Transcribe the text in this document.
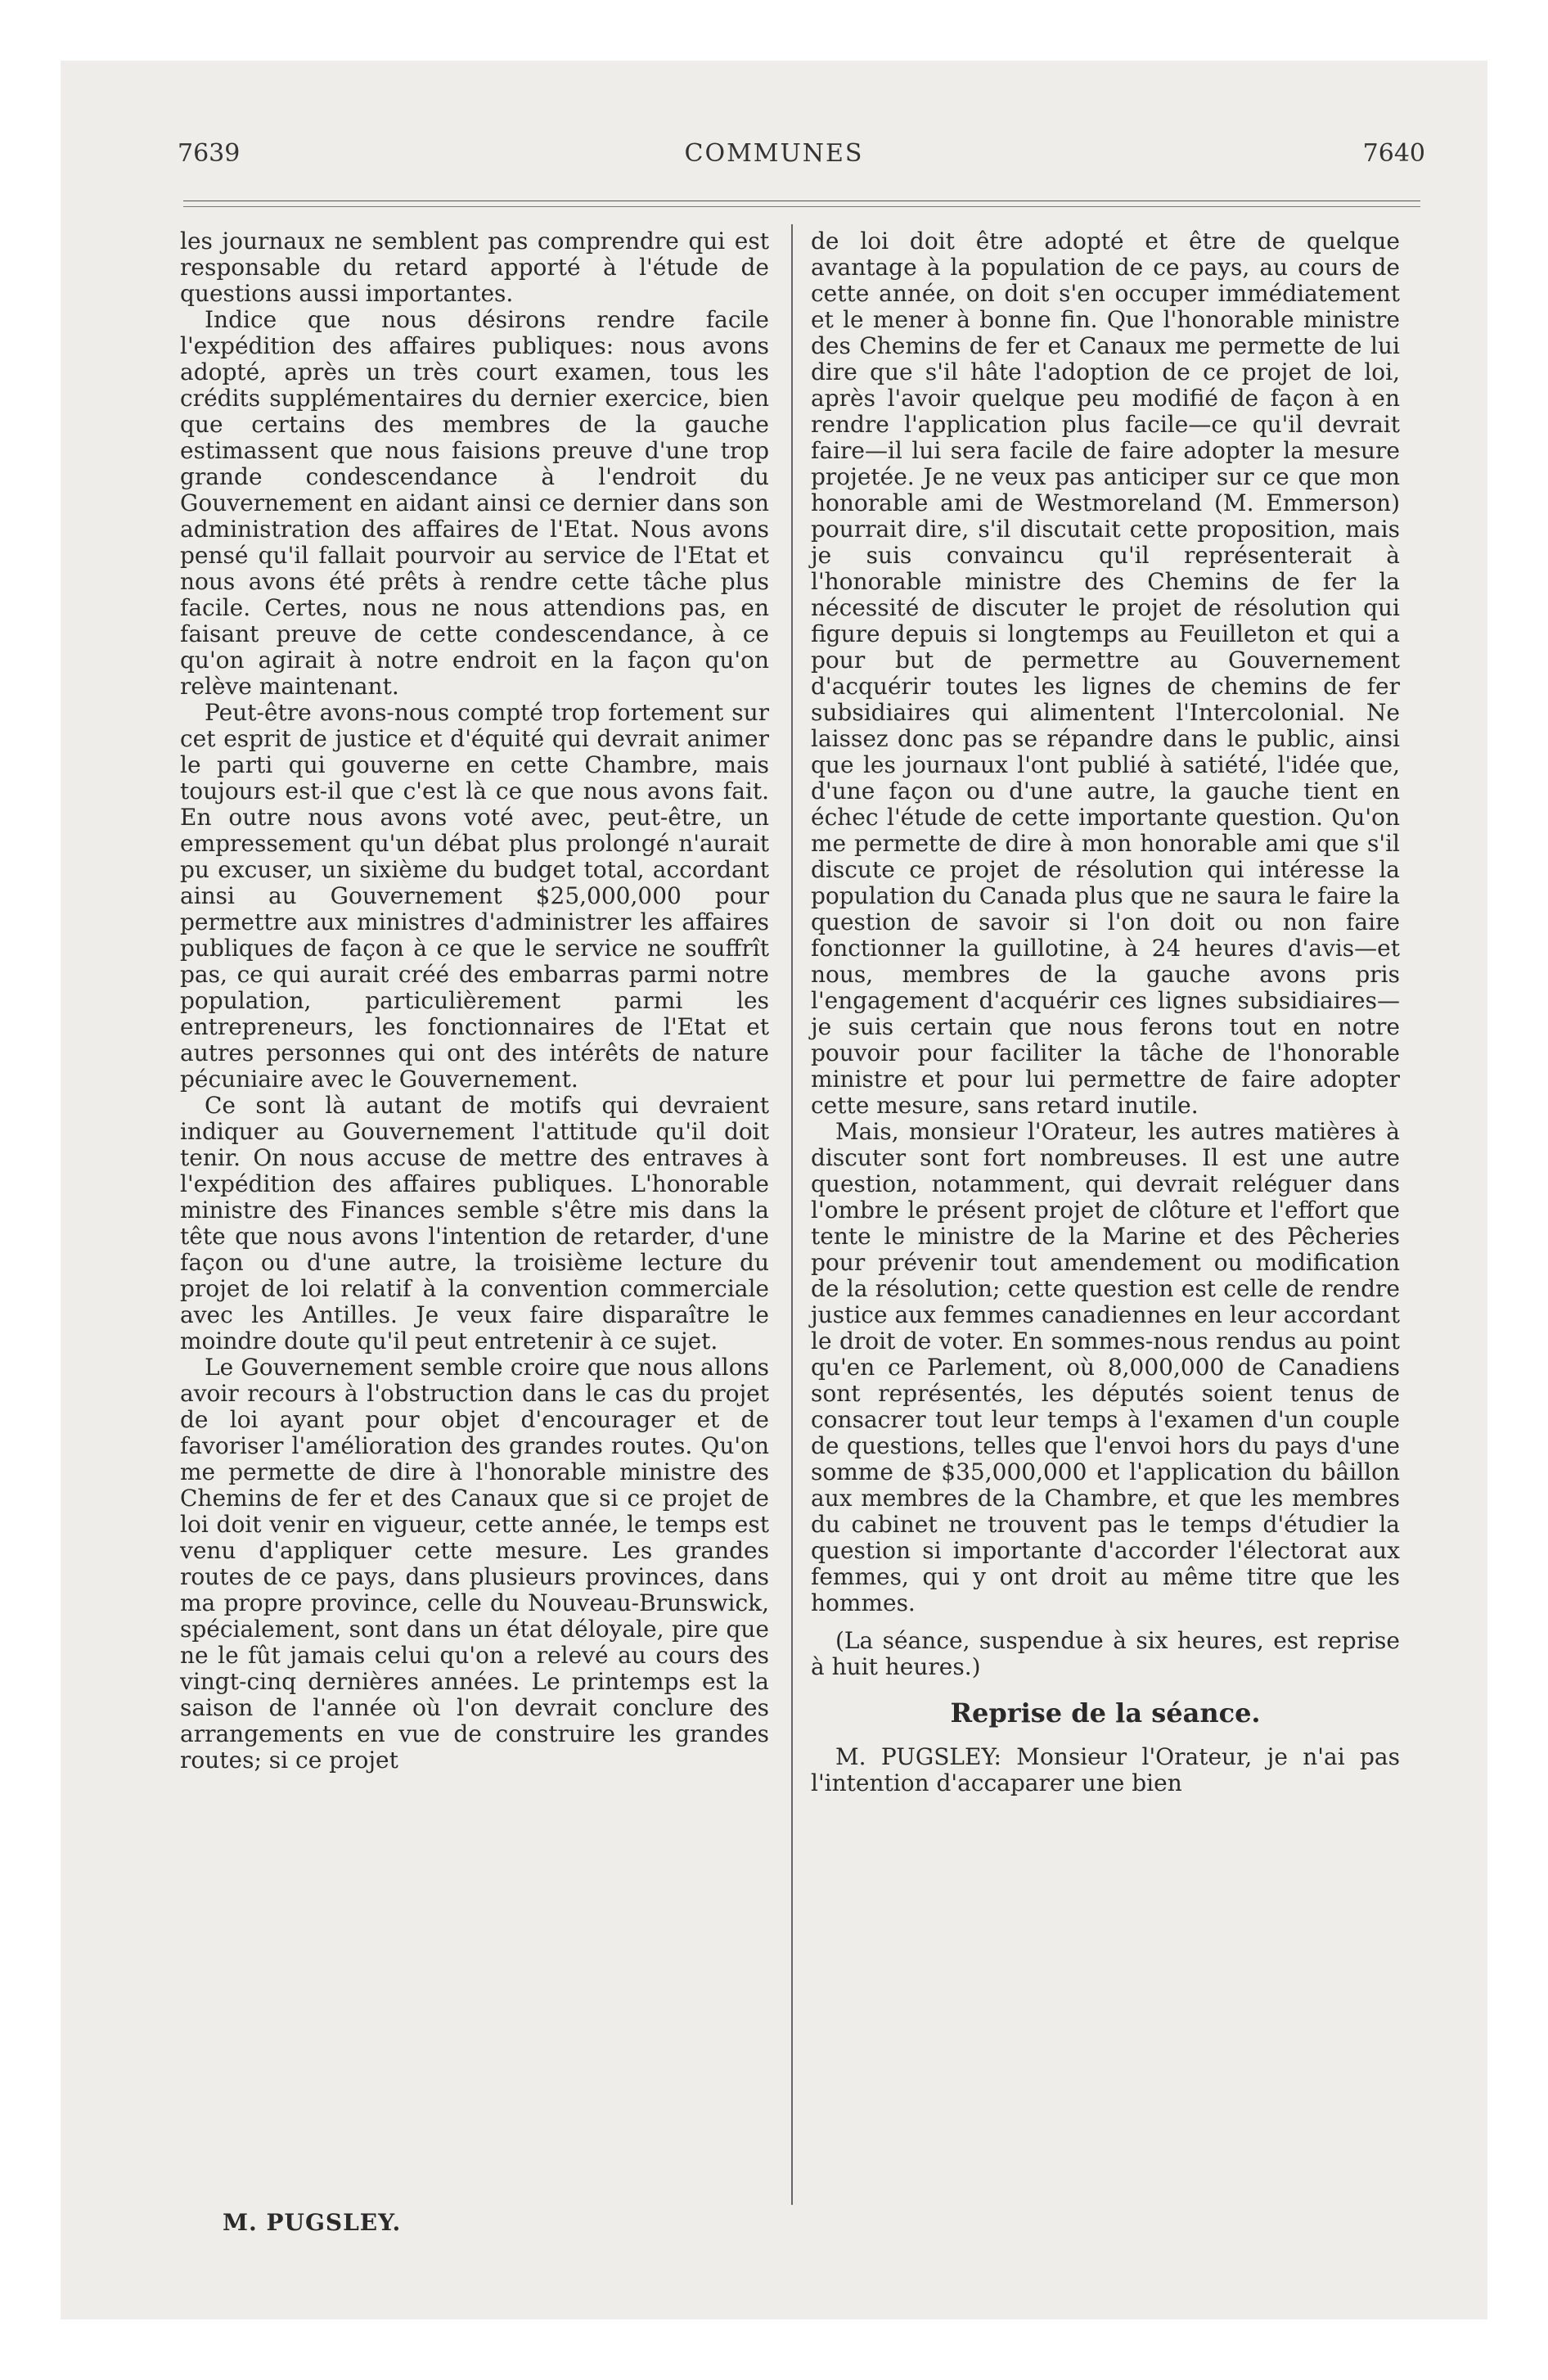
7639	COMMUNES	7640

les journaux ne semblent pas comprendre qui est responsable du retard apporté à l'étude de questions aussi importantes.

Indice que nous désirons rendre facile l'expédition des affaires publiques: nous avons adopté, après un très court examen, tous les crédits supplémentaires du dernier exercice, bien que certains des membres de la gauche estimassent que nous faisions preuve d'une trop grande condescendance à l'endroit du Gouvernement en aidant ainsi ce dernier dans son administration des affaires de l'Etat. Nous avons pensé qu'il fallait pourvoir au service de l'Etat et nous avons été prêts à rendre cette tâche plus facile. Certes, nous ne nous attendions pas, en faisant preuve de cette condescendance, à ce qu'on agirait à notre endroit en la façon qu'on relève maintenant.

Peut-être avons-nous compté trop fortement sur cet esprit de justice et d'équité qui devrait animer le parti qui gouverne en cette Chambre, mais toujours est-il que c'est là ce que nous avons fait. En outre nous avons voté avec, peut-être, un empressement qu'un débat plus prolongé n'aurait pu excuser, un sixième du budget total, accordant ainsi au Gouvernement $25,000,000 pour permettre aux ministres d'administrer les affaires publiques de façon à ce que le service ne souffrît pas, ce qui aurait créé des embarras parmi notre population, particulièrement parmi les entrepreneurs, les fonctionnaires de l'Etat et autres personnes qui ont des intérêts de nature pécuniaire avec le Gouvernement.

Ce sont là autant de motifs qui devraient indiquer au Gouvernement l'attitude qu'il doit tenir. On nous accuse de mettre des entraves à l'expédition des affaires publiques. L'honorable ministre des Finances semble s'être mis dans la tête que nous avons l'intention de retarder, d'une façon ou d'une autre, la troisième lecture du projet de loi relatif à la convention commerciale avec les Antilles. Je veux faire disparaître le moindre doute qu'il peut entretenir à ce sujet.

Le Gouvernement semble croire que nous allons avoir recours à l'obstruction dans le cas du projet de loi ayant pour objet d'encourager et de favoriser l'amélioration des grandes routes. Qu'on me permette de dire à l'honorable ministre des Chemins de fer et des Canaux que si ce projet de loi doit venir en vigueur, cette année, le temps est venu d'appliquer cette mesure. Les grandes routes de ce pays, dans plusieurs provinces, dans ma propre province, celle du Nouveau-Brunswick, spécialement, sont dans un état déloyale, pire que ne le fût jamais celui qu'on a relevé au cours des vingt-cinq dernières années. Le printemps est la saison de l'année où l'on devrait conclure des arrangements en vue de construire les grandes routes; si ce projet

de loi doit être adopté et être de quelque avantage à la population de ce pays, au cours de cette année, on doit s'en occuper immédiatement et le mener à bonne fin. Que l'honorable ministre des Chemins de fer et Canaux me permette de lui dire que s'il hâte l'adoption de ce projet de loi, après l'avoir quelque peu modifié de façon à en rendre l'application plus facile—ce qu'il devrait faire—il lui sera facile de faire adopter la mesure projetée. Je ne veux pas anticiper sur ce que mon honorable ami de Westmoreland (M. Emmerson) pourrait dire, s'il discutait cette proposition, mais je suis convaincu qu'il représenterait à l'honorable ministre des Chemins de fer la nécessité de discuter le projet de résolution qui figure depuis si longtemps au Feuilleton et qui a pour but de permettre au Gouvernement d'acquérir toutes les lignes de chemins de fer subsidiaires qui alimentent l'Intercolonial. Ne laissez donc pas se répandre dans le public, ainsi que les journaux l'ont publié à satiété, l'idée que, d'une façon ou d'une autre, la gauche tient en échec l'étude de cette importante question. Qu'on me permette de dire à mon honorable ami que s'il discute ce projet de résolution qui intéresse la population du Canada plus que ne saura le faire la question de savoir si l'on doit ou non faire fonctionner la guillotine, à 24 heures d'avis—et nous, membres de la gauche avons pris l'engagement d'acquérir ces lignes subsidiaires—je suis certain que nous ferons tout en notre pouvoir pour faciliter la tâche de l'honorable ministre et pour lui permettre de faire adopter cette mesure, sans retard inutile.

Mais, monsieur l'Orateur, les autres matières à discuter sont fort nombreuses. Il est une autre question, notamment, qui devrait reléguer dans l'ombre le présent projet de clôture et l'effort que tente le ministre de la Marine et des Pêcheries pour prévenir tout amendement ou modification de la résolution; cette question est celle de rendre justice aux femmes canadiennes en leur accordant le droit de voter. En sommes-nous rendus au point qu'en ce Parlement, où 8,000,000 de Canadiens sont représentés, les députés soient tenus de consacrer tout leur temps à l'examen d'un couple de questions, telles que l'envoi hors du pays d'une somme de $35,000,000 et l'application du bâillon aux membres de la Chambre, et que les membres du cabinet ne trouvent pas le temps d'étudier la question si importante d'accorder l'électorat aux femmes, qui y ont droit au même titre que les hommes.

(La séance, suspendue à six heures, est reprise à huit heures.)

Reprise de la séance.

M. PUGSLEY: Monsieur l'Orateur, je n'ai pas l'intention d'accaparer une bien

M. PUGSLEY.
